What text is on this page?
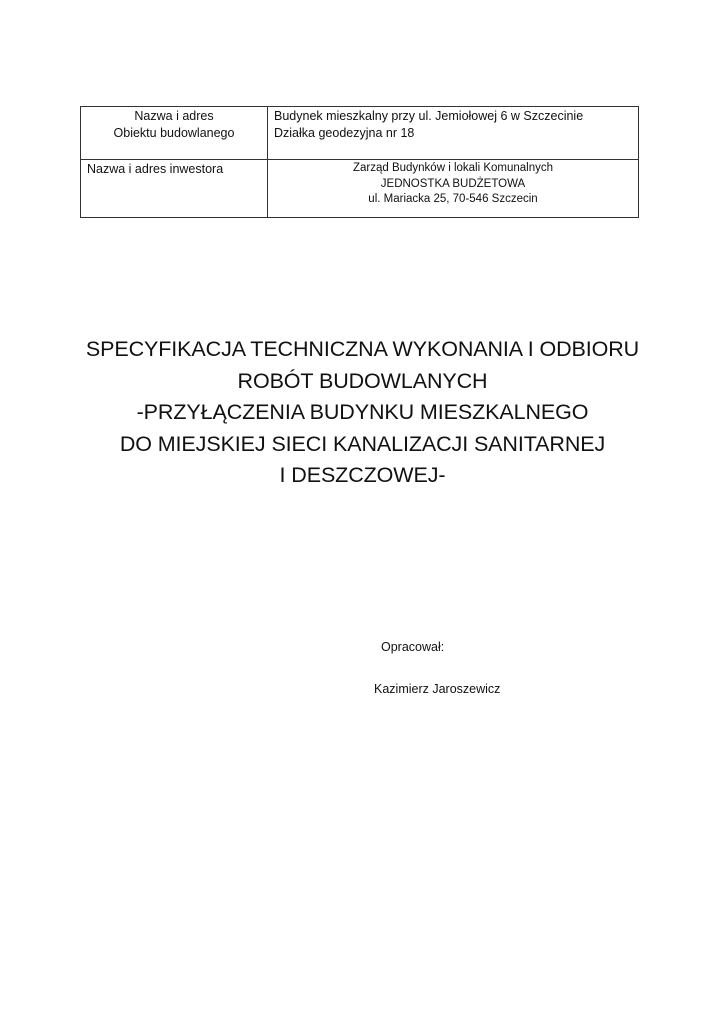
Nazwa i adres
Obiektu budowlanego	Budynek mieszkalny przy ul. Jemiołowej 6 w Szczecinie
Działka geodezyjna nr 18

Nazwa i adres inwestora	Zarząd Budynków i lokali Komunalnych
JEDNOSTKA BUDŻETOWA
ul. Mariacka 25, 70-546 Szczecin
SPECYFIKACJA TECHNICZNA WYKONANIA I ODBIORU
ROBÓT BUDOWLANYCH
-PRZYŁĄCZENIA BUDYNKU MIESZKALNEGO
DO MIEJSKIEJ SIECI KANALIZACJI SANITARNEJ
I DESZCZOWEJ-
Opracował:
Kazimierz Jaroszewicz
